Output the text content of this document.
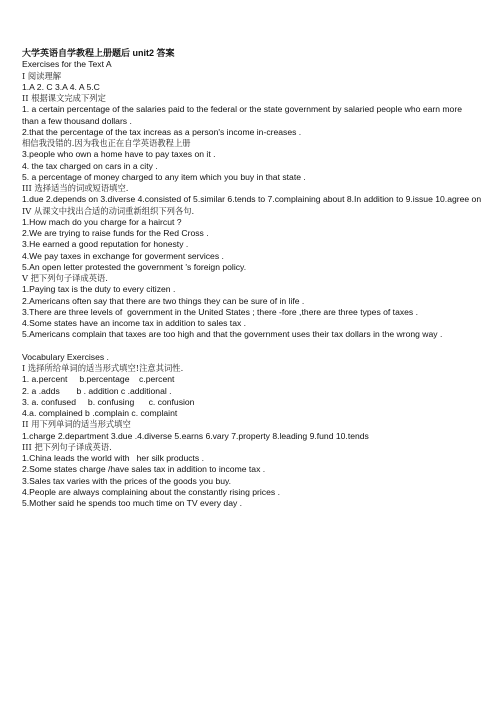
大学英语自学教程上册题后 unit2 答案
Exercises for the Text A
I 阅读理解
1.A 2. C 3.A 4. A 5.C
II 根据课文完成下列定
1. a certain percentage of the salaries paid to the federal or the state government by salaried people who earn more  than a few thousand dollars .
2.that the percentage of the tax increas as a person's income in-creases .
相信我没错的.因为我也正在自学英语教程上册
3.people who own a home have to pay taxes on it .
4. the tax charged on cars in a city .
5. a percentage of money charged to any item which you buy in that state .
III 选择适当的词或短语填空.
1.due 2.depends on 3.diverse 4.consisted of 5.similar 6.tends to 7.complaining about 8.In addition to 9.issue 10.agree on
IV 从课文中找出合适的动词重新组织下列各句.
1.How mach do you charge for a haircut ?
2.We are trying to raise funds for the Red Cross .
3.He earned a good reputation for honesty .
4.We pay taxes in exchange for goverment services .
5.An open letter protested the government 's foreign policy.
V 把下列句子译成英语.
1.Paying tax is the duty to every citizen .
2.Americans often say that there are two things they can be sure of in life .
3.There are three levels of  government in the United States ; there -fore ,there are three types of taxes .
4.Some states have an income tax in addition to sales tax .
5.Americans complain that taxes are too high and that the government uses their tax dollars in the wrong way .
Vocabulary Exercises .
I 选择所给单词的适当形式填空!注意其词性.
1. a.percent     b.percentage    c.percent
2. a .adds       b . addition c .additional .
3. a. confused     b. confusing      c. confusion
4.a. complained b .complain c. complaint
II 用下列单词的适当形式填空
1.charge 2.department 3.due .4.diverse 5.earns 6.vary 7.property 8.leading 9.fund 10.tends
III 把下列句子译成英语.
1.China leads the world with   her silk products .
2.Some states charge /have sales tax in addition to income tax .
3.Sales tax varies with the prices of the goods you buy.
4.People are always complaining about the constantly rising prices .
5.Mother said he spends too much time on TV every day .
